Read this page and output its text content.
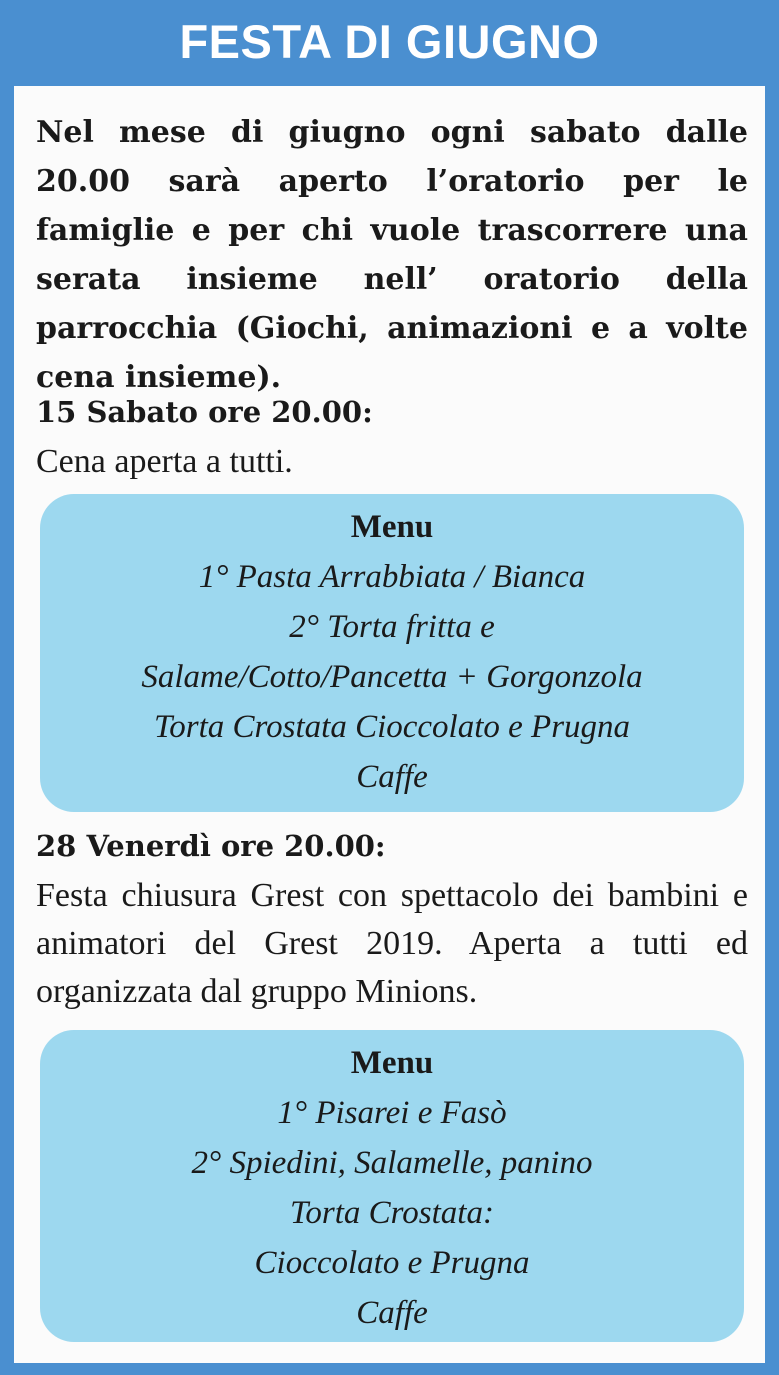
FESTA DI GIUGNO

Nel mese di giugno ogni sabato dalle 20.00 sarà aperto l’oratorio per le famiglie e per chi vuole trascorrere una serata insieme nell’ oratorio della parrocchia (Giochi, animazioni e a volte cena insieme).

15 Sabato ore 20.00:
Cena aperta a tutti.
Menu
1° Pasta Arrabbiata / Bianca
2° Torta fritta e
Salame/Cotto/Pancetta + Gorgonzola
Torta Crostata Cioccolato e Prugna
Caffe
28 Venerdì ore 20.00:
Festa chiusura Grest con spettacolo dei bambini e animatori del Grest 2019. Aperta a tutti ed organizzata dal gruppo Minions.
Menu
1° Pisarei e Fasò
2° Spiedini, Salamelle, panino
Torta Crostata:
Cioccolato e Prugna
Caffe
